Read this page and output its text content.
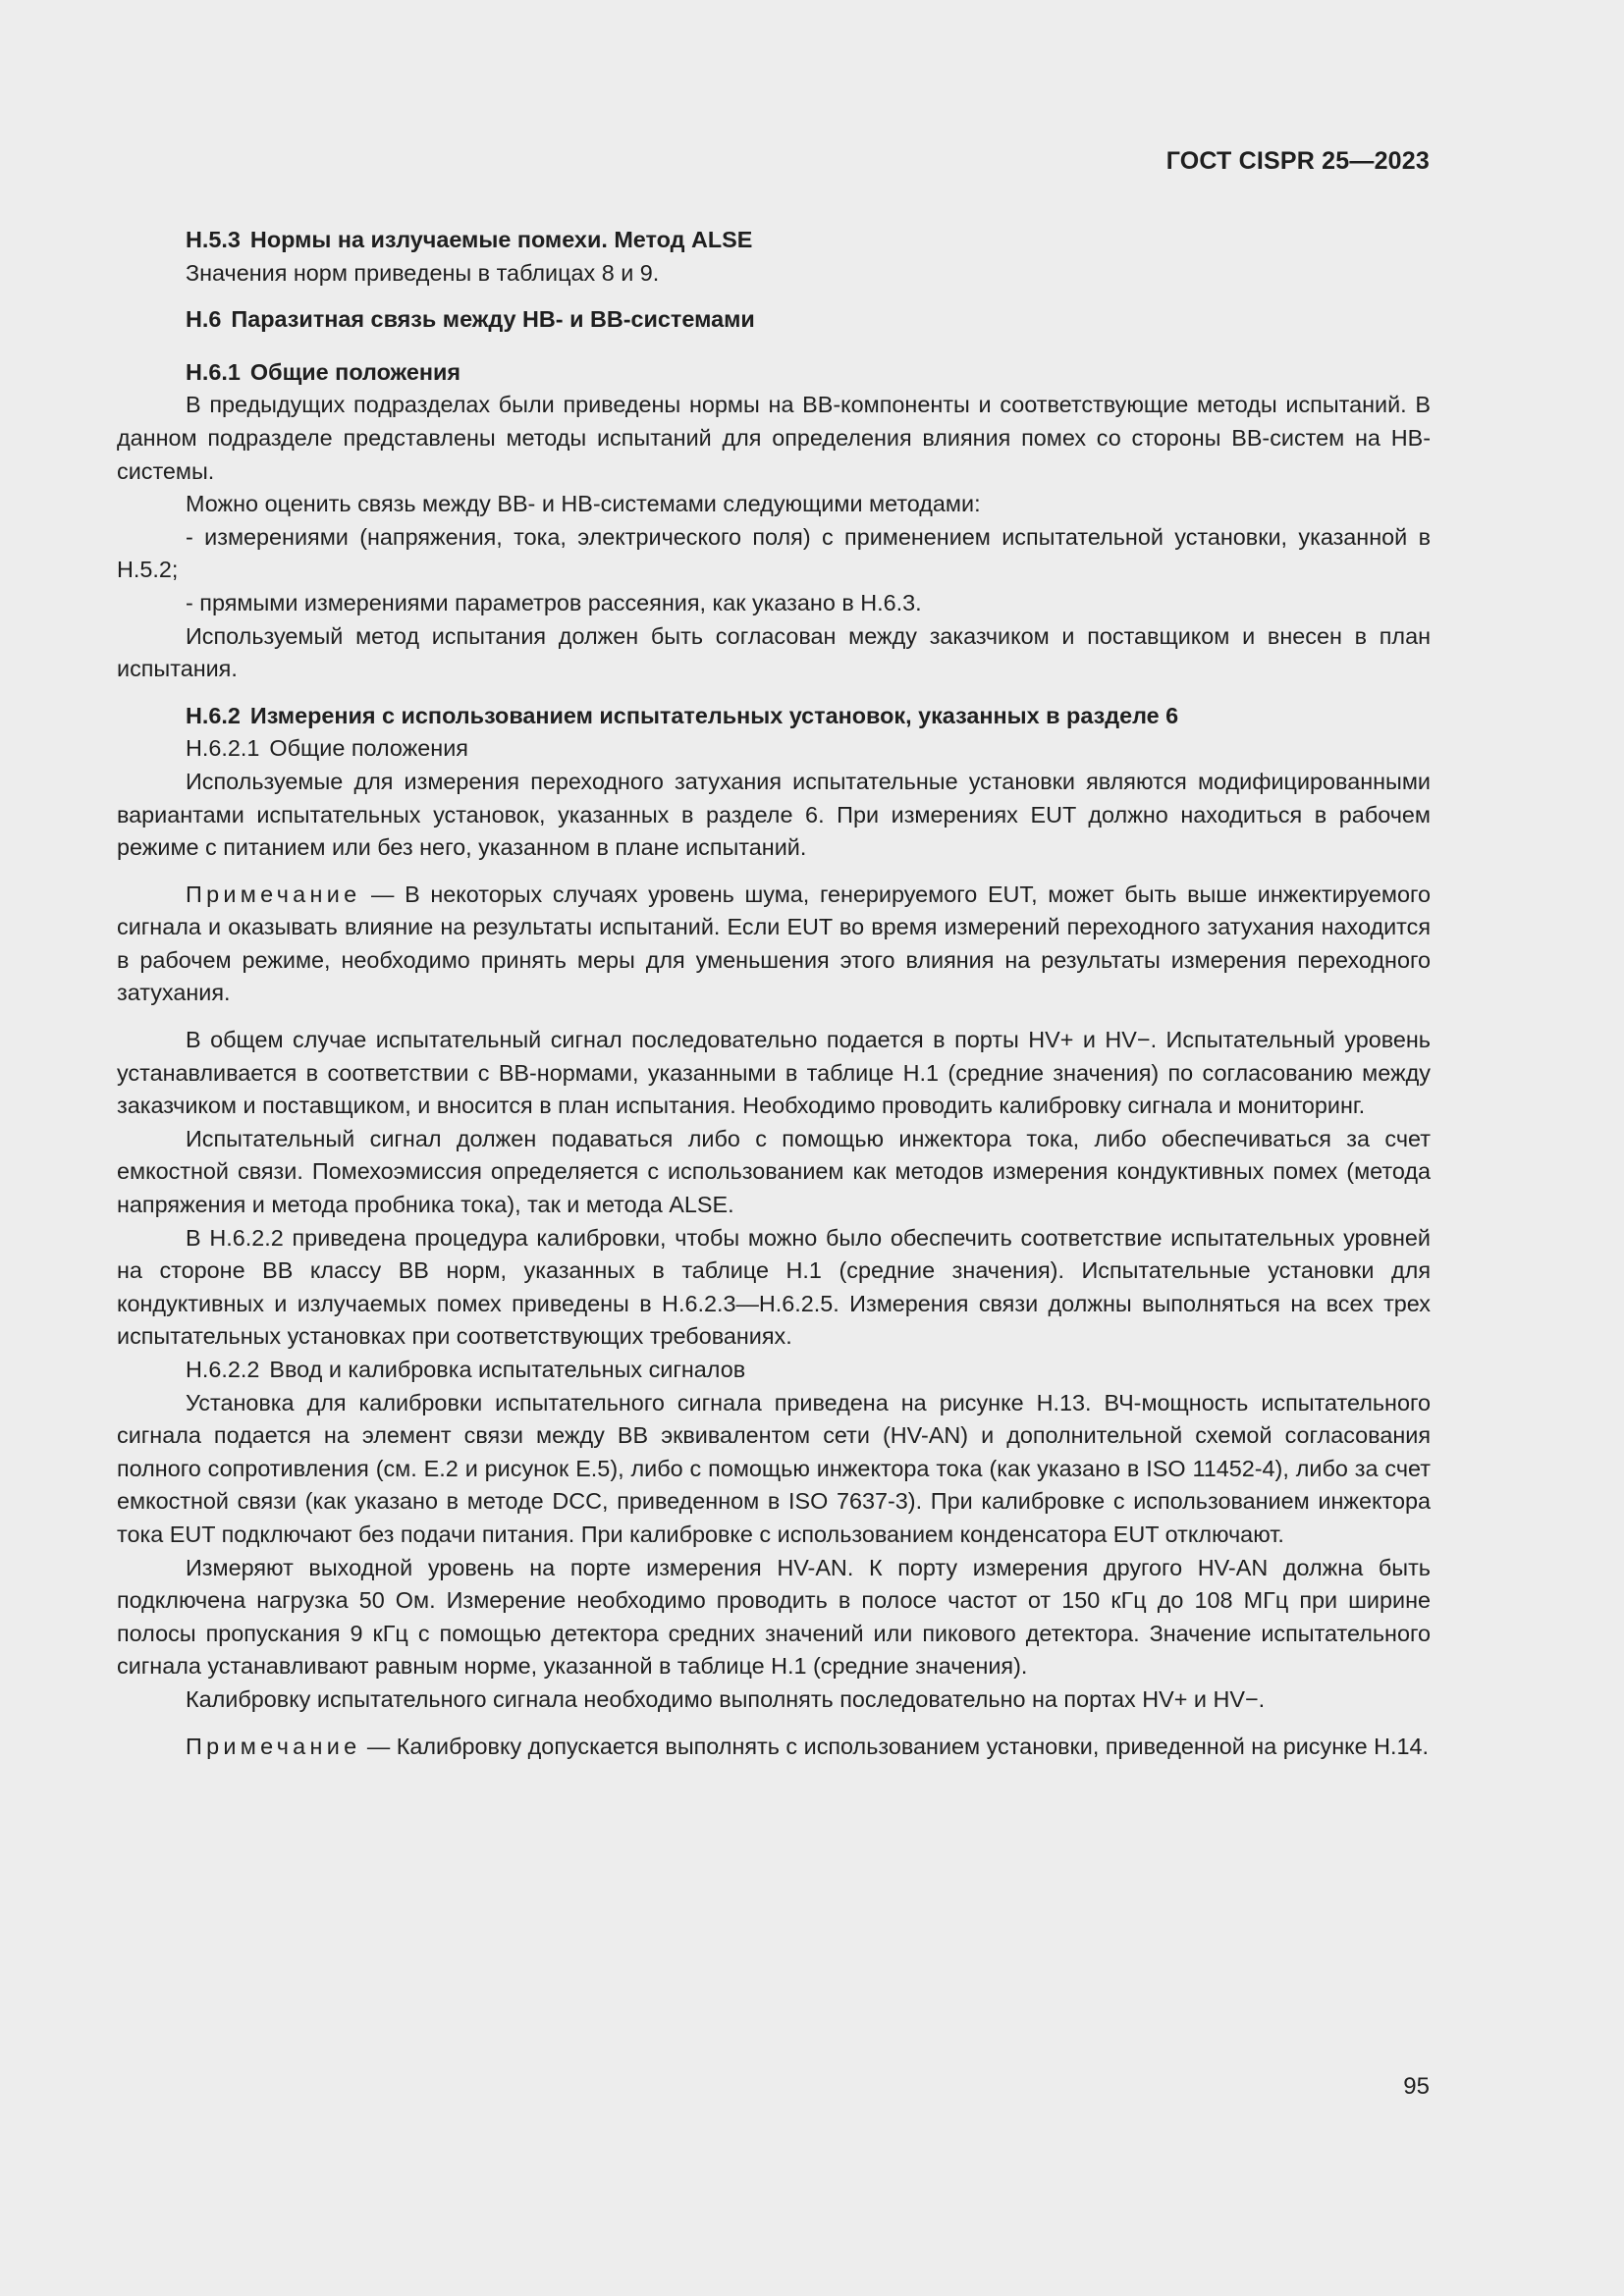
ГОСТ CISPR 25—2023

H.5.3 Нормы на излучаемые помехи. Метод ALSE

Значения норм приведены в таблицах 8 и 9.

H.6 Паразитная связь между НВ- и ВВ-системами

H.6.1 Общие положения

В предыдущих подразделах были приведены нормы на ВВ-компоненты и соответствующие методы испытаний. В данном подразделе представлены методы испытаний для определения влияния помех со стороны ВВ-систем на НВ-системы.

Можно оценить связь между ВВ- и НВ-системами следующими методами:

- измерениями (напряжения, тока, электрического поля) с применением испытательной установки, указанной в Н.5.2;

- прямыми измерениями параметров рассеяния, как указано в Н.6.3.

Используемый метод испытания должен быть согласован между заказчиком и поставщиком и внесен в план испытания.

H.6.2 Измерения с использованием испытательных установок, указанных в разделе 6

H.6.2.1 Общие положения

Используемые для измерения переходного затухания испытательные установки являются модифицированными вариантами испытательных установок, указанных в разделе 6. При измерениях EUT должно находиться в рабочем режиме с питанием или без него, указанном в плане испытаний.

Примечание — В некоторых случаях уровень шума, генерируемого EUT, может быть выше инжектируемого сигнала и оказывать влияние на результаты испытаний. Если EUT во время измерений переходного затухания находится в рабочем режиме, необходимо принять меры для уменьшения этого влияния на результаты измерения переходного затухания.

В общем случае испытательный сигнал последовательно подается в порты HV+ и HV−. Испытательный уровень устанавливается в соответствии с ВВ-нормами, указанными в таблице Н.1 (средние значения) по согласованию между заказчиком и поставщиком, и вносится в план испытания. Необходимо проводить калибровку сигнала и мониторинг.

Испытательный сигнал должен подаваться либо с помощью инжектора тока, либо обеспечиваться за счет емкостной связи. Помехоэмиссия определяется с использованием как методов измерения кондуктивных помех (метода напряжения и метода пробника тока), так и метода ALSE.

В Н.6.2.2 приведена процедура калибровки, чтобы можно было обеспечить соответствие испытательных уровней на стороне ВВ классу ВВ норм, указанных в таблице Н.1 (средние значения). Испытательные установки для кондуктивных и излучаемых помех приведены в Н.6.2.3—Н.6.2.5. Измерения связи должны выполняться на всех трех испытательных установках при соответствующих требованиях.

H.6.2.2 Ввод и калибровка испытательных сигналов

Установка для калибровки испытательного сигнала приведена на рисунке Н.13. ВЧ-мощность испытательного сигнала подается на элемент связи между ВВ эквивалентом сети (HV-AN) и дополнительной схемой согласования полного сопротивления (см. Е.2 и рисунок Е.5), либо с помощью инжектора тока (как указано в ISO 11452-4), либо за счет емкостной связи (как указано в методе DCC, приведенном в ISO 7637-3). При калибровке с использованием инжектора тока EUT подключают без подачи питания. При калибровке с использованием конденсатора EUT отключают.

Измеряют выходной уровень на порте измерения HV-AN. К порту измерения другого HV-AN должна быть подключена нагрузка 50 Ом. Измерение необходимо проводить в полосе частот от 150 кГц до 108 МГц при ширине полосы пропускания 9 кГц с помощью детектора средних значений или пикового детектора. Значение испытательного сигнала устанавливают равным норме, указанной в таблице Н.1 (средние значения).

Калибровку испытательного сигнала необходимо выполнять последовательно на портах HV+ и HV−.

Примечание — Калибровку допускается выполнять с использованием установки, приведенной на рисунке Н.14.

95
